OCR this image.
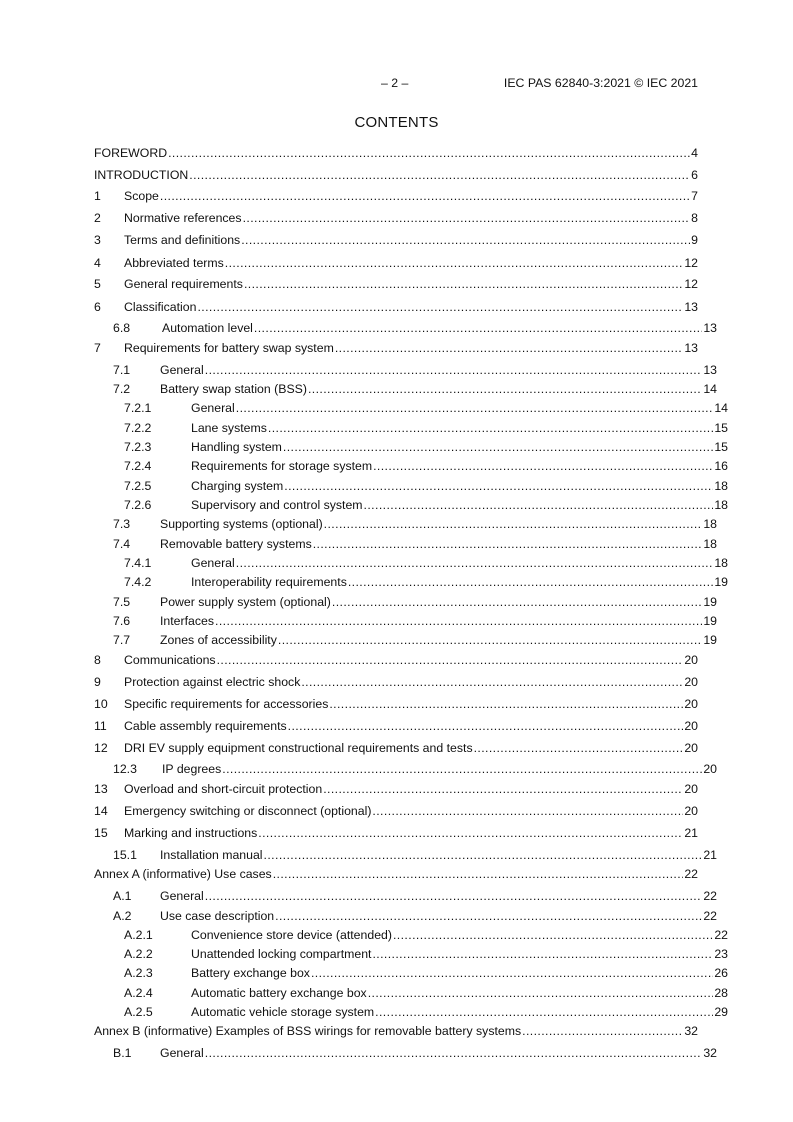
– 2 –	IEC PAS 62840-3:2021 © IEC 2021
CONTENTS
FOREWORD .....	4
INTRODUCTION .....	6
1	Scope .....	7
2	Normative references .....	8
3	Terms and definitions .....	9
4	Abbreviated terms .....	12
5	General requirements .....	12
6	Classification .....	13
6.8	Automation level .....	13
7	Requirements for battery swap system .....	13
7.1	General .....	13
7.2	Battery swap station (BSS) .....	14
7.2.1	General .....	14
7.2.2	Lane systems .....	15
7.2.3	Handling system .....	15
7.2.4	Requirements for storage system .....	16
7.2.5	Charging system .....	18
7.2.6	Supervisory and control system .....	18
7.3	Supporting systems (optional) .....	18
7.4	Removable battery systems .....	18
7.4.1	General .....	18
7.4.2	Interoperability requirements .....	19
7.5	Power supply system (optional) .....	19
7.6	Interfaces .....	19
7.7	Zones of accessibility .....	19
8	Communications .....	20
9	Protection against electric shock .....	20
10	Specific requirements for accessories .....	20
11	Cable assembly requirements .....	20
12	DRI EV supply equipment constructional requirements and tests .....	20
12.3	IP degrees .....	20
13	Overload and short-circuit protection .....	20
14	Emergency switching or disconnect (optional) .....	20
15	Marking and instructions .....	21
15.1	Installation manual .....	21
Annex A (informative) Use cases .....	22
A.1	General .....	22
A.2	Use case description .....	22
A.2.1	Convenience store device (attended) .....	22
A.2.2	Unattended locking compartment .....	23
A.2.3	Battery exchange box .....	26
A.2.4	Automatic battery exchange box .....	28
A.2.5	Automatic vehicle storage system .....	29
Annex B (informative) Examples of BSS wirings for removable battery systems .....	32
B.1	General .....	32
